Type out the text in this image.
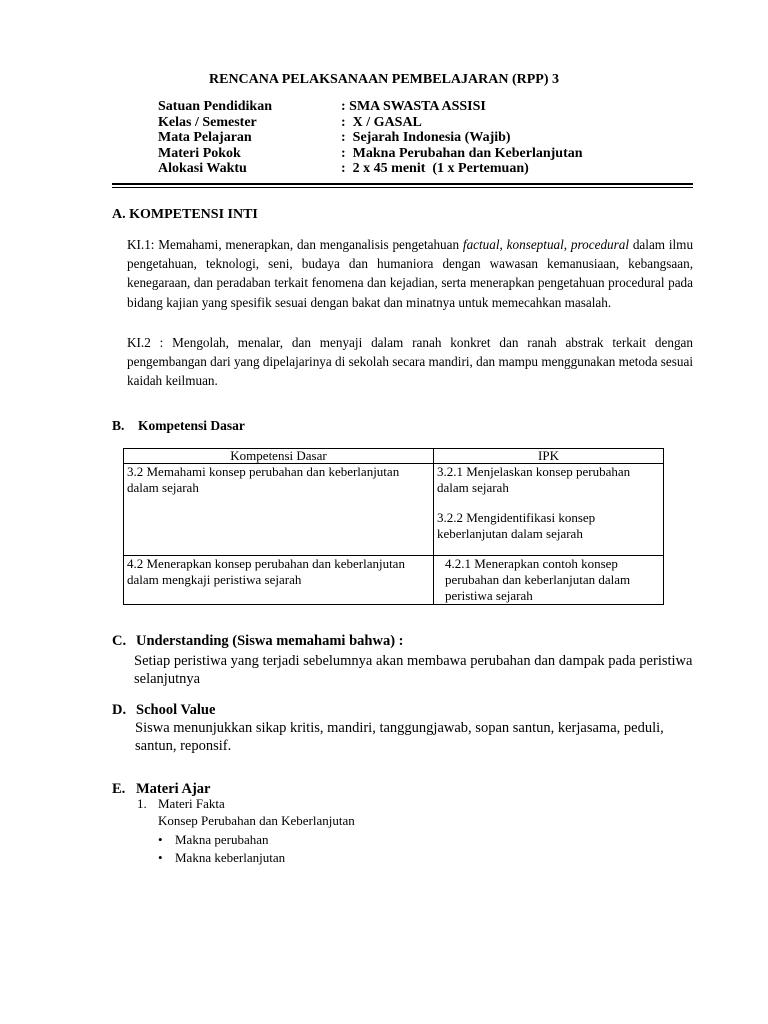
RENCANA PELAKSANAAN PEMBELAJARAN (RPP) 3
Satuan Pendidikan	: SMA SWASTA ASSISI
Kelas / Semester	:  X / GASAL
Mata Pelajaran	:  Sejarah Indonesia (Wajib)
Materi Pokok	:  Makna Perubahan dan Keberlanjutan
Alokasi Waktu	:  2 x 45 menit  (1 x Pertemuan)
A. KOMPETENSI INTI
KI.1: Memahami, menerapkan, dan menganalisis pengetahuan factual, konseptual, procedural dalam ilmu pengetahuan, teknologi, seni, budaya dan humaniora dengan wawasan kemanusiaan, kebangsaan, kenegaraan, dan peradaban terkait fenomena dan kejadian, serta menerapkan pengetahuan procedural pada bidang kajian yang spesifik sesuai dengan bakat dan minatnya untuk memecahkan masalah.
KI.2 : Mengolah, menalar, dan menyaji dalam ranah konkret dan ranah abstrak terkait dengan pengembangan dari yang dipelajarinya di sekolah secara mandiri, dan mampu menggunakan metoda sesuai kaidah keilmuan.
B. Kompetensi Dasar
Kompetensi Dasar	IPK
3.2 Memahami konsep perubahan dan keberlanjutan dalam sejarah	3.2.1 Menjelaskan konsep perubahan dalam sejarah
3.2.2 Mengidentifikasi konsep keberlanjutan dalam sejarah

4.2 Menerapkan konsep perubahan dan keberlanjutan dalam mengkaji peristiwa sejarah	4.2.1 Menerapkan contoh konsep perubahan dan keberlanjutan dalam peristiwa sejarah
C. Understanding (Siswa memahami bahwa) :
Setiap peristiwa yang terjadi sebelumnya akan membawa perubahan dan dampak pada peristiwa selanjutnya
D. School Value
Siswa menunjukkan sikap kritis, mandiri, tanggungjawab, sopan santun, kerjasama, peduli, santun, reponsif.
E. Materi Ajar
1. Materi Fakta
Konsep Perubahan dan Keberlanjutan
• Makna perubahan
• Makna keberlanjutan
